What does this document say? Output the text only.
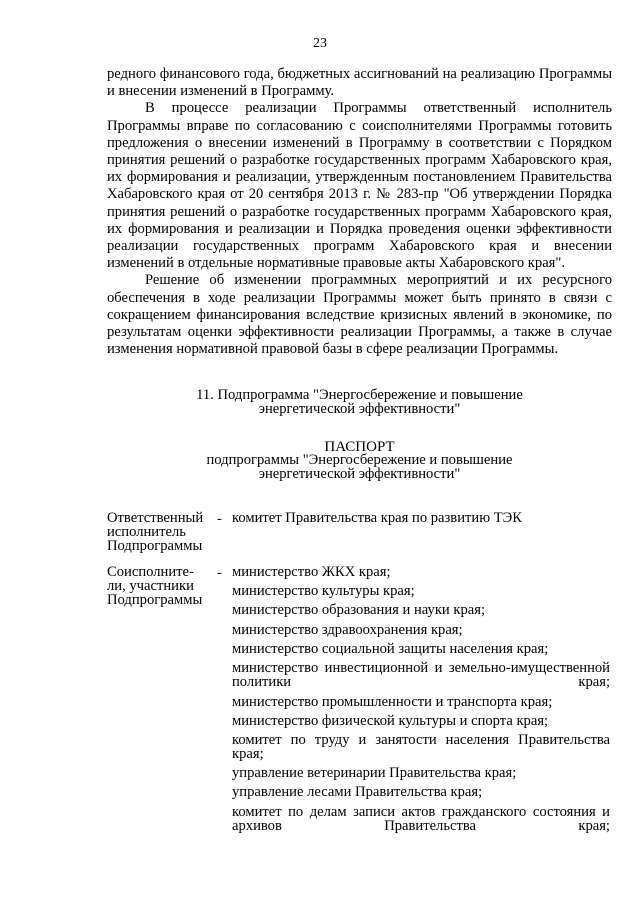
23

редного финансового года, бюджетных ассигнований на реализацию Программы и внесении изменений в Программу.

В процессе реализации Программы ответственный исполнитель Программы вправе по согласованию с соисполнителями Программы готовить предложения о внесении изменений в Программу в соответствии с Порядком принятия решений о разработке государственных программ Хабаровского края, их формирования и реализации, утвержденным постановлением Правительства Хабаровского края от 20 сентября 2013 г. № 283-пр "Об утверждении Порядка принятия решений о разработке государственных программ Хабаровского края, их формирования и реализации и Порядка проведения оценки эффективности реализации государственных программ Хабаровского края и внесении изменений в отдельные нормативные правовые акты Хабаровского края".

Решение об изменении программных мероприятий и их ресурсного обеспечения в ходе реализации Программы может быть принято в связи с сокращением финансирования вследствие кризисных явлений в экономике, по результатам оценки эффективности реализации Программы, а также в случае изменения нормативной правовой базы в сфере реализации Программы.

11. Подпрограмма "Энергосбережение и повышение
энергетической эффективности"
ПАСПОРТ
подпрограммы "Энергосбережение и повышение
энергетической эффективности"
Ответственный исполнитель Подпрограммы
- комитет Правительства края по развитию ТЭК
Соисполните- ли, участники Подпрограммы
- министерство ЖКХ края;
министерство культуры края;
министерство образования и науки края;
министерство здравоохранения края;
министерство социальной защиты населения края;
министерство инвестиционной и земельно-имущественной политики края;
министерство промышленности и транспорта края;
министерство физической культуры и спорта края;
комитет по труду и занятости населения Правительства края;
управление ветеринарии Правительства края;
управление лесами Правительства края;
комитет по делам записи актов гражданского состояния и архивов Правительства края;
